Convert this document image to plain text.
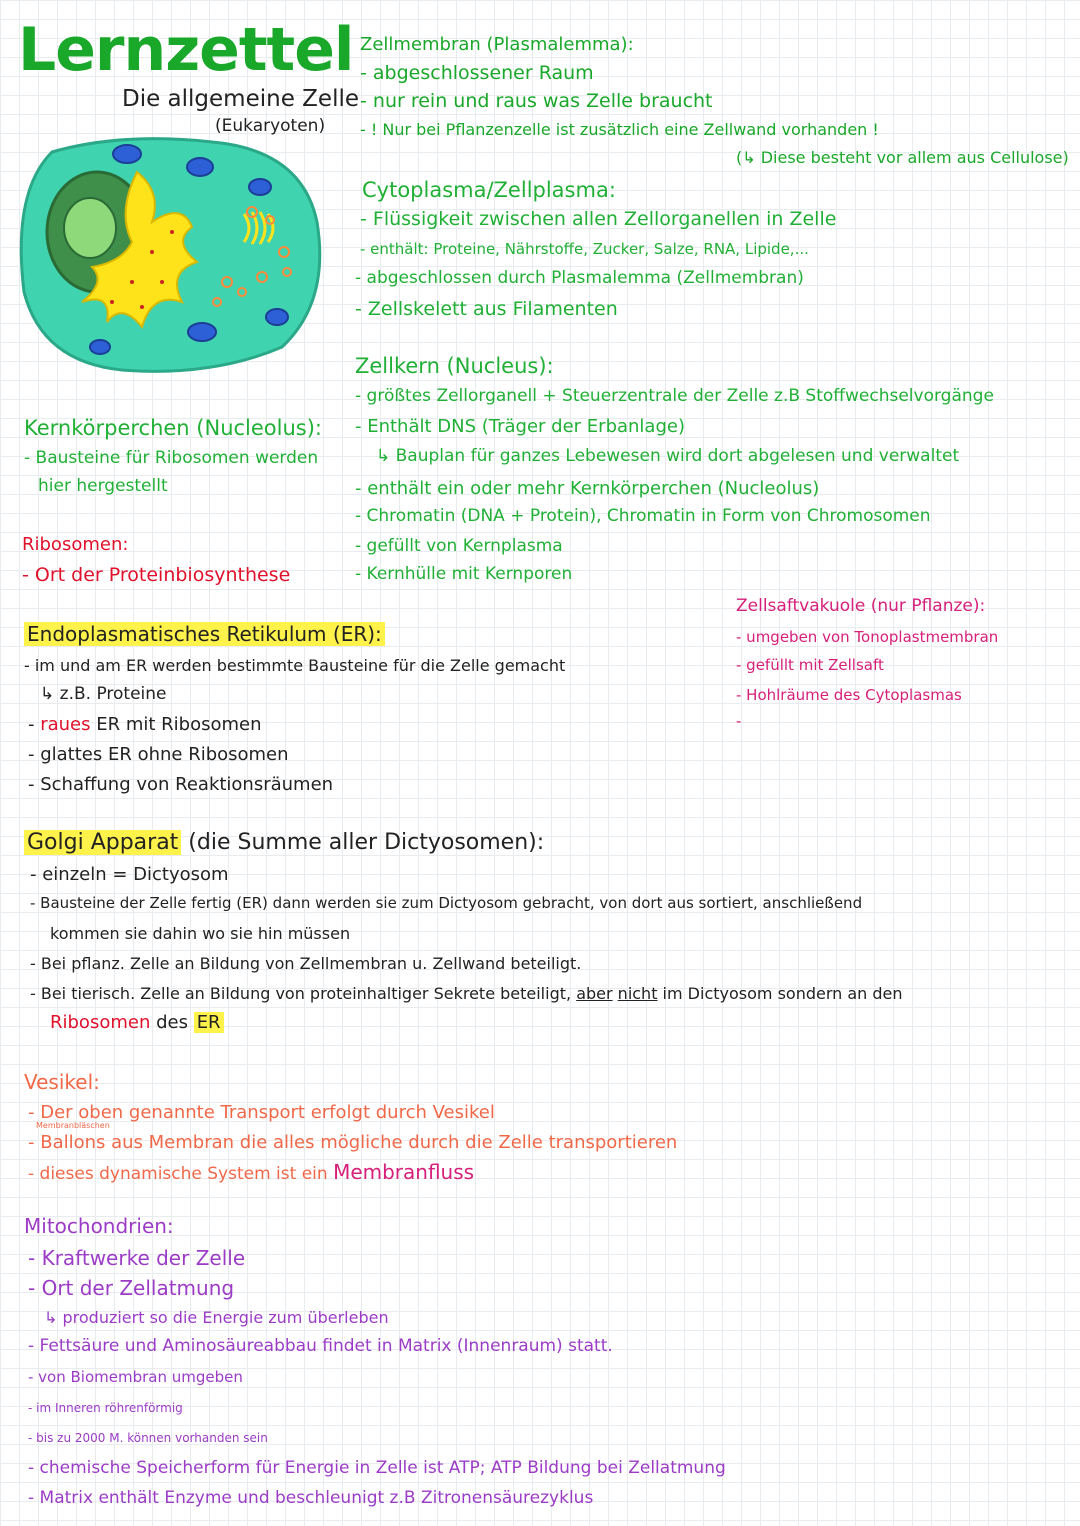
Lernzettel
Die allgemeine Zelle
(Eukaryoten)
Zellmembran (Plasmalemma):
- abgeschlossener Raum
- nur rein und raus was Zelle braucht
- ! Nur bei Pflanzenzelle ist zusätzlich eine Zellwand vorhanden !
(↳ Diese besteht vor allem aus Cellulose)
Cytoplasma/Zellplasma:
- Flüssigkeit zwischen allen Zellorganellen in Zelle
- enthält: Proteine, Nährstoffe, Zucker, Salze, RNA, Lipide,...
- abgeschlossen durch Plasmalemma (Zellmembran)
- Zellskelett aus Filamenten
Zellkern (Nucleus):
- größtes Zellorganell + Steuerzentrale der Zelle z.B Stoffwechselvorgänge
- Enthält DNS (Träger der Erbanlage)
↳ Bauplan für ganzes Lebewesen wird dort abgelesen und verwaltet
- enthält ein oder mehr Kernkörperchen (Nucleolus)
- Chromatin (DNA + Protein), Chromatin in Form von Chromosomen
- gefüllt von Kernplasma
- Kernhülle mit Kernporen
Kernkörperchen (Nucleolus):
- Bausteine für Ribosomen werden
hier hergestellt
Ribosomen:
- Ort der Proteinbiosynthese
Zellsaftvakuole (nur Pflanze):
- umgeben von Tonoplastmembran
- gefüllt mit Zellsaft
- Hohlräume des Cytoplasmas
-
Endoplasmatisches Retikulum (ER):
- im und am ER werden bestimmte Bausteine für die Zelle gemacht
↳ z.B. Proteine
- raues ER mit Ribosomen
- glattes ER ohne Ribosomen
- Schaffung von Reaktionsräumen
Golgi Apparat (die Summe aller Dictyosomen):
- einzeln = Dictyosom
- Bausteine der Zelle fertig (ER) dann werden sie zum Dictyosom gebracht, von dort aus sortiert, anschließend
kommen sie dahin wo sie hin müssen
- Bei pflanz. Zelle an Bildung von Zellmembran u. Zellwand beteiligt.
- Bei tierisch. Zelle an Bildung von proteinhaltiger Sekrete beteiligt, aber nicht im Dictyosom sondern an den
Ribosomen des ER
Vesikel:
- Der oben genannte Transport erfolgt durch Vesikel
Membranbläschen
- Ballons aus Membran die alles mögliche durch die Zelle transportieren
- dieses dynamische System ist ein Membranfluss
Mitochondrien:
- Kraftwerke der Zelle
- Ort der Zellatmung
↳ produziert so die Energie zum überleben
- Fettsäure und Aminosäureabbau findet in Matrix (Innenraum) statt.
- von Biomembran umgeben
- im Inneren röhrenförmig
- bis zu 2000 M. können vorhanden sein
- chemische Speicherform für Energie in Zelle ist ATP; ATP Bildung bei Zellatmung
- Matrix enthält Enzyme und beschleunigt z.B Zitronensäurezyklus
